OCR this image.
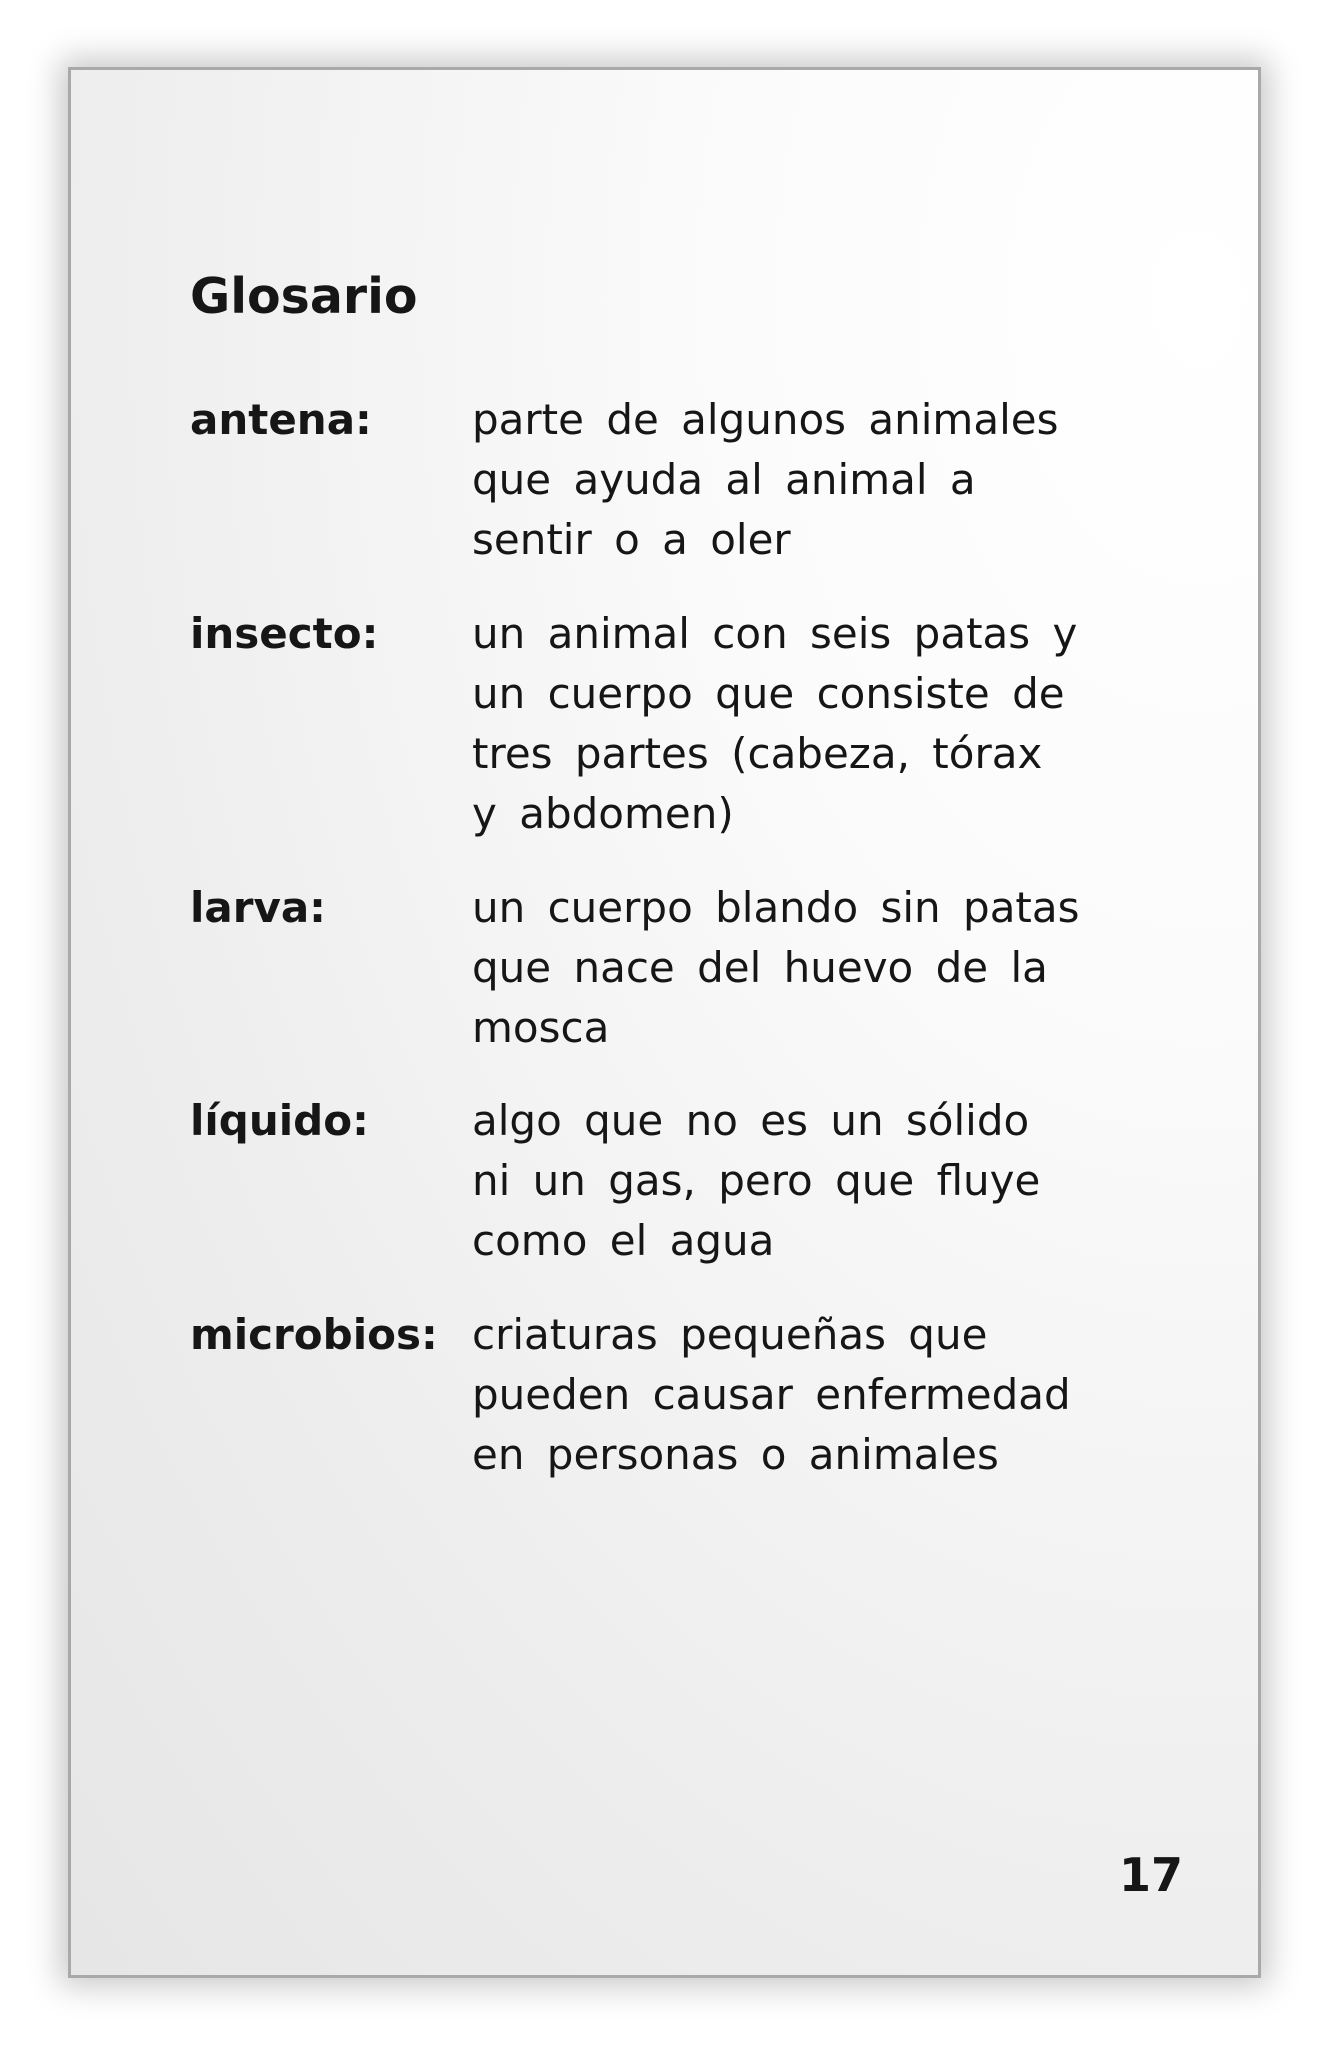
Glosario
antena: parte de algunos animales
que ayuda al animal a
sentir o a oler
insecto: un animal con seis patas y
un cuerpo que consiste de
tres partes (cabeza, tórax
y abdomen)
larva:	un cuerpo blando sin patas
que nace del huevo de la
mosca
líquido: algo que no es un sólido
ni un gas, pero que fluye
como el agua
microbios: criaturas pequeñas que
pueden causar enfermedad
en personas o animales
17
